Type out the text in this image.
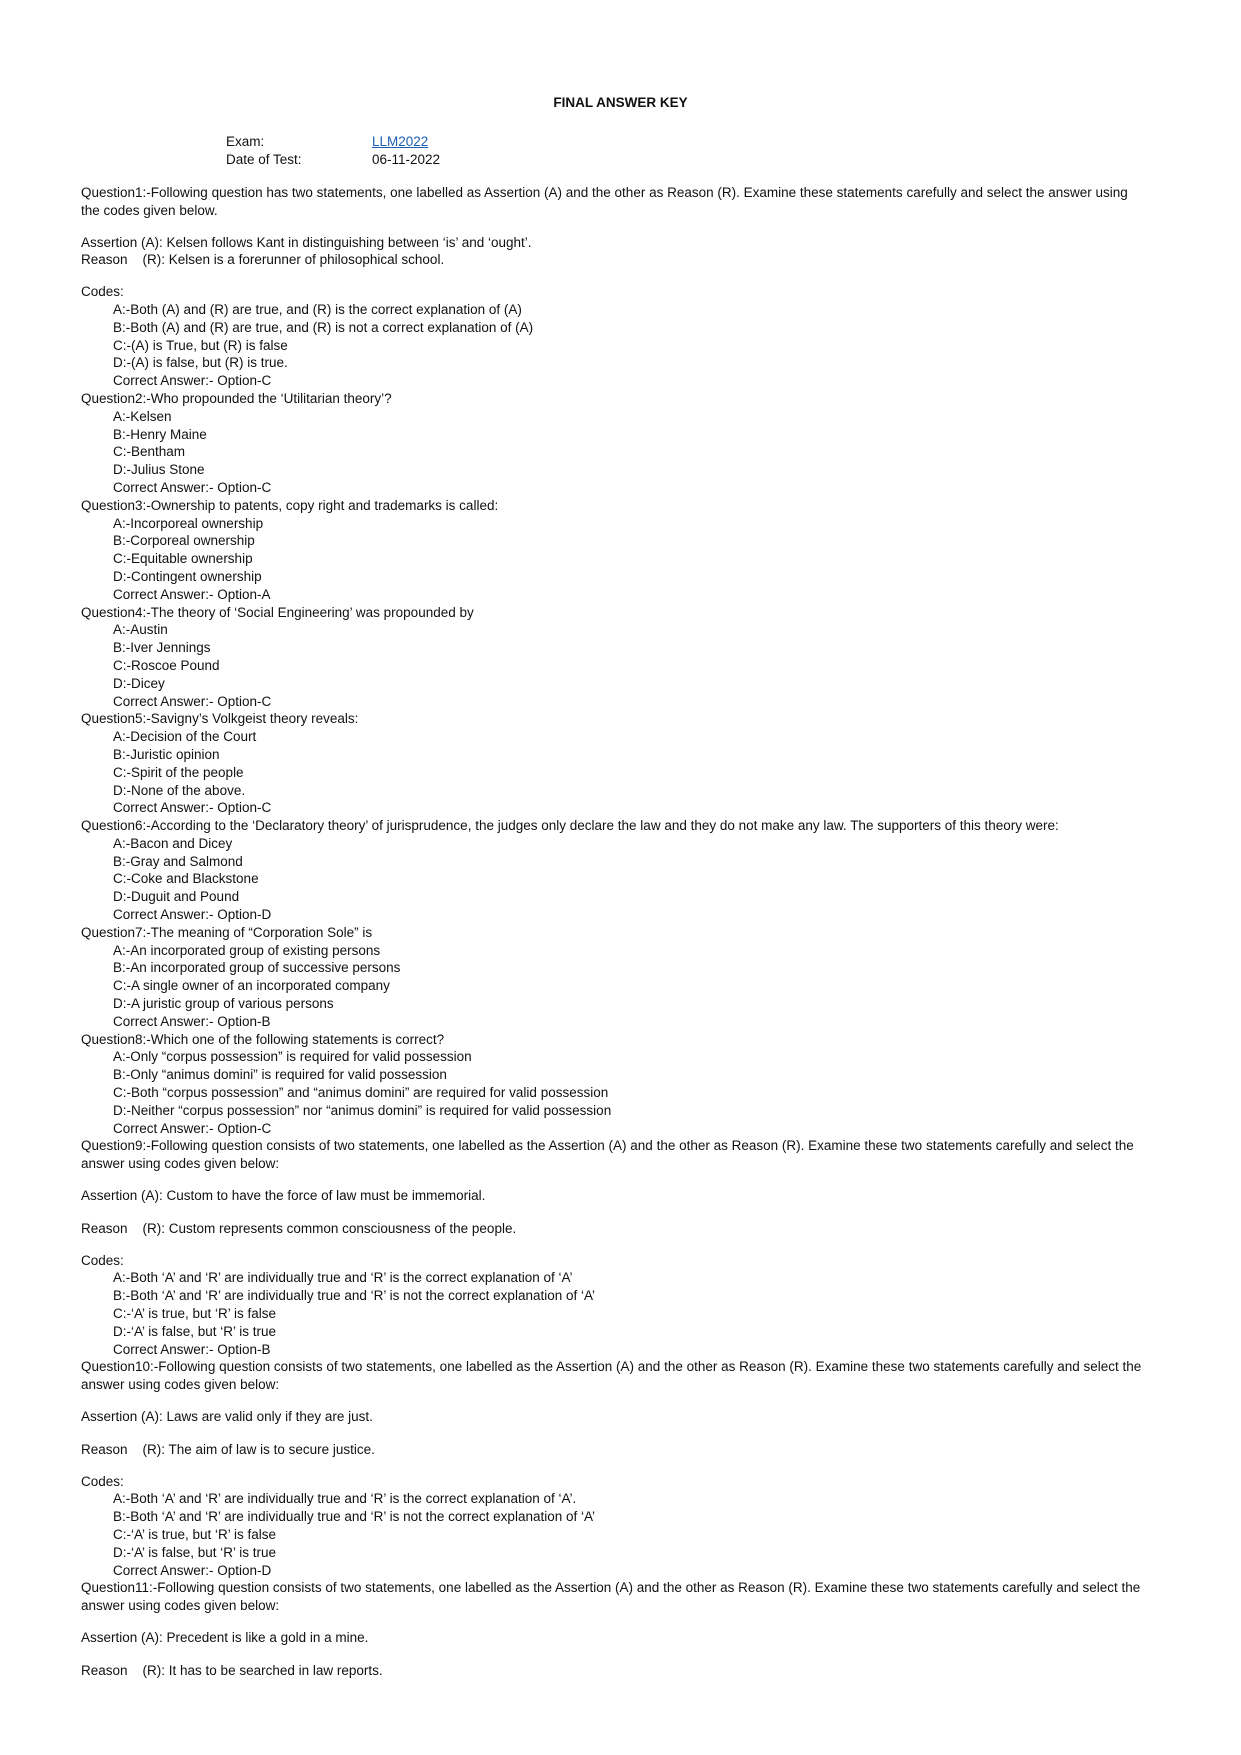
FINAL ANSWER KEY
Exam:	LLM2022
Date of Test:	06-11-2022
Question1:-Following question has two statements, one labelled as Assertion (A) and the other as Reason (R). Examine these statements carefully and select the answer using the codes given below.
Assertion (A): Kelsen follows Kant in distinguishing between ‘is’ and ‘ought’.
Reason    (R): Kelsen is a forerunner of philosophical school.
Codes:
A:-Both (A) and (R) are true, and (R) is the correct explanation of (A)
B:-Both (A) and (R) are true, and (R) is not a correct explanation of (A)
C:-(A) is True, but (R) is false
D:-(A) is false, but (R) is true.
Correct Answer:- Option-C
Question2:-Who propounded the ‘Utilitarian theory’?
A:-Kelsen
B:-Henry Maine
C:-Bentham
D:-Julius Stone
Correct Answer:- Option-C
Question3:-Ownership to patents, copy right and trademarks is called:
A:-Incorporeal ownership
B:-Corporeal ownership
C:-Equitable ownership
D:-Contingent ownership
Correct Answer:- Option-A
Question4:-The theory of ‘Social Engineering’ was propounded by
A:-Austin
B:-Iver Jennings
C:-Roscoe Pound
D:-Dicey
Correct Answer:- Option-C
Question5:-Savigny’s Volkgeist theory reveals:
A:-Decision of the Court
B:-Juristic opinion
C:-Spirit of the people
D:-None of the above.
Correct Answer:- Option-C
Question6:-According to the ‘Declaratory theory’ of jurisprudence, the judges only declare the law and they do not make any law. The supporters of this theory were:
A:-Bacon and Dicey
B:-Gray and Salmond
C:-Coke and Blackstone
D:-Duguit and Pound
Correct Answer:- Option-D
Question7:-The meaning of “Corporation Sole” is
A:-An incorporated group of existing persons
B:-An incorporated group of successive persons
C:-A single owner of an incorporated company
D:-A juristic group of various persons
Correct Answer:- Option-B
Question8:-Which one of the following statements is correct?
A:-Only “corpus possession” is required for valid possession
B:-Only “animus domini” is required for valid possession
C:-Both “corpus possession” and “animus domini” are required for valid possession
D:-Neither “corpus possession” nor “animus domini” is required for valid possession
Correct Answer:- Option-C
Question9:-Following question consists of two statements, one labelled as the Assertion (A) and the other as Reason (R). Examine these two statements carefully and select the answer using codes given below:
Assertion (A): Custom to have the force of law must be immemorial.
Reason    (R): Custom represents common consciousness of the people.
Codes:
A:-Both ‘A’ and ‘R’ are individually true and ‘R’ is the correct explanation of ‘A’
B:-Both ‘A’ and ‘R’ are individually true and ‘R’ is not the correct explanation of ‘A’
C:-‘A’ is true, but ‘R’ is false
D:-‘A’ is false, but ‘R’ is true
Correct Answer:- Option-B
Question10:-Following question consists of two statements, one labelled as the Assertion (A) and the other as Reason (R). Examine these two statements carefully and select the answer using codes given below:
Assertion (A): Laws are valid only if they are just.
Reason    (R): The aim of law is to secure justice.
Codes:
A:-Both ‘A’ and ‘R’ are individually true and ‘R’ is the correct explanation of ‘A’.
B:-Both ‘A’ and ‘R’ are individually true and ‘R’ is not the correct explanation of ‘A’
C:-‘A’ is true, but ‘R’ is false
D:-‘A’ is false, but ‘R’ is true
Correct Answer:- Option-D
Question11:-Following question consists of two statements, one labelled as the Assertion (A) and the other as Reason (R). Examine these two statements carefully and select the answer using codes given below:
Assertion (A): Precedent is like a gold in a mine.
Reason    (R): It has to be searched in law reports.
